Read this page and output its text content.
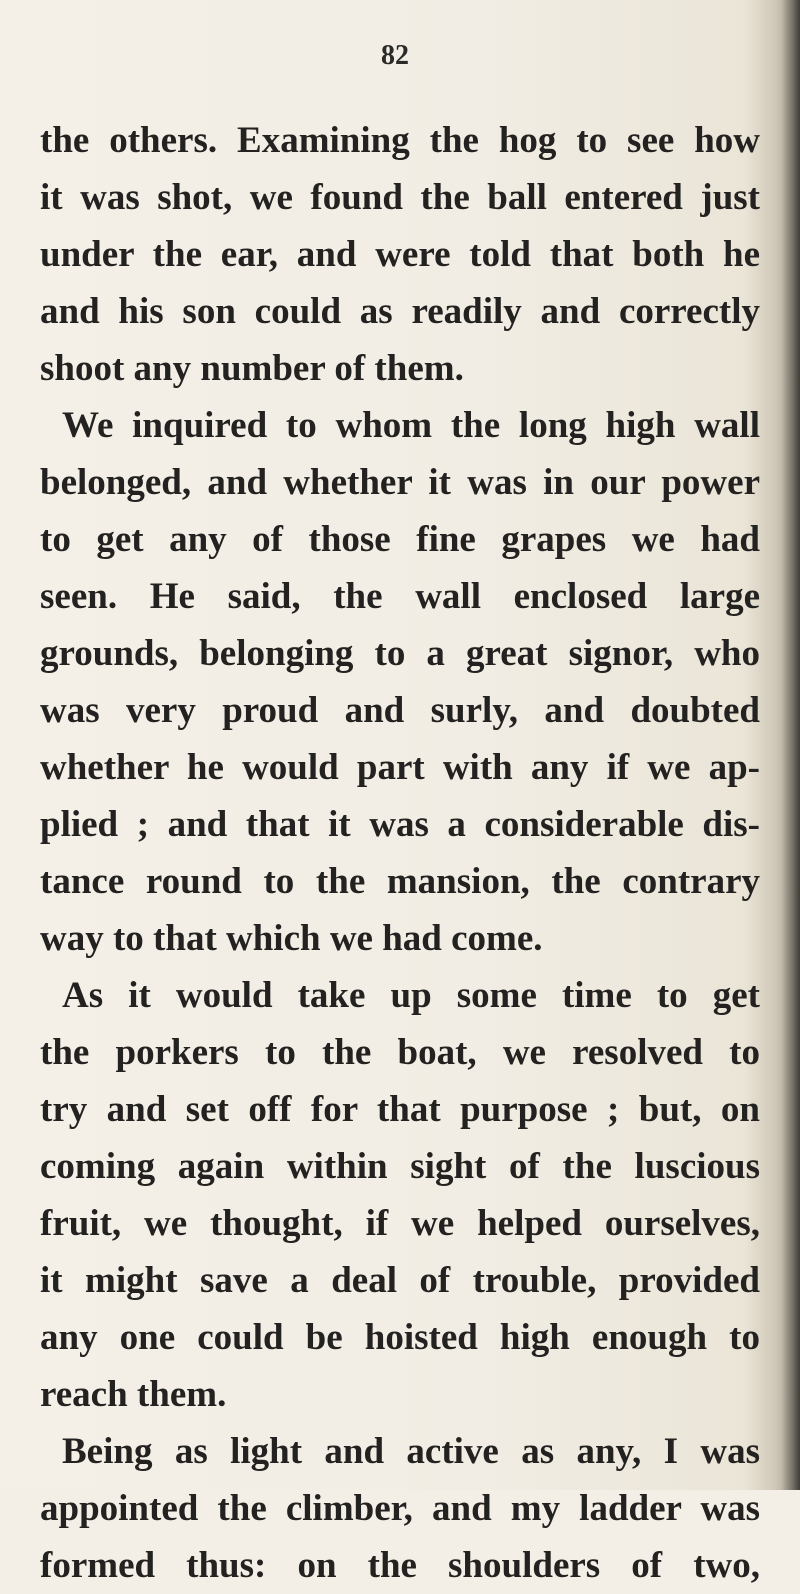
82
the others. Examining the hog to see how
it was shot, we found the ball entered just
under the ear, and were told that both he
and his son could as readily and correctly
shoot any number of them.
We inquired to whom the long high wall
belonged, and whether it was in our power
to get any of those fine grapes we had
seen. He said, the wall enclosed large
grounds, belonging to a great signor, who
was very proud and surly, and doubted
whether he would part with any if we ap-
plied ; and that it was a considerable dis-
tance round to the mansion, the contrary
way to that which we had come.
As it would take up some time to get
the porkers to the boat, we resolved to
try and set off for that purpose ; but, on
coming again within sight of the luscious
fruit, we thought, if we helped ourselves,
it might save a deal of trouble, provided
any one could be hoisted high enough to
reach them.
Being as light and active as any, I was
appointed the climber, and my ladder was
formed thus: on the shoulders of two,
